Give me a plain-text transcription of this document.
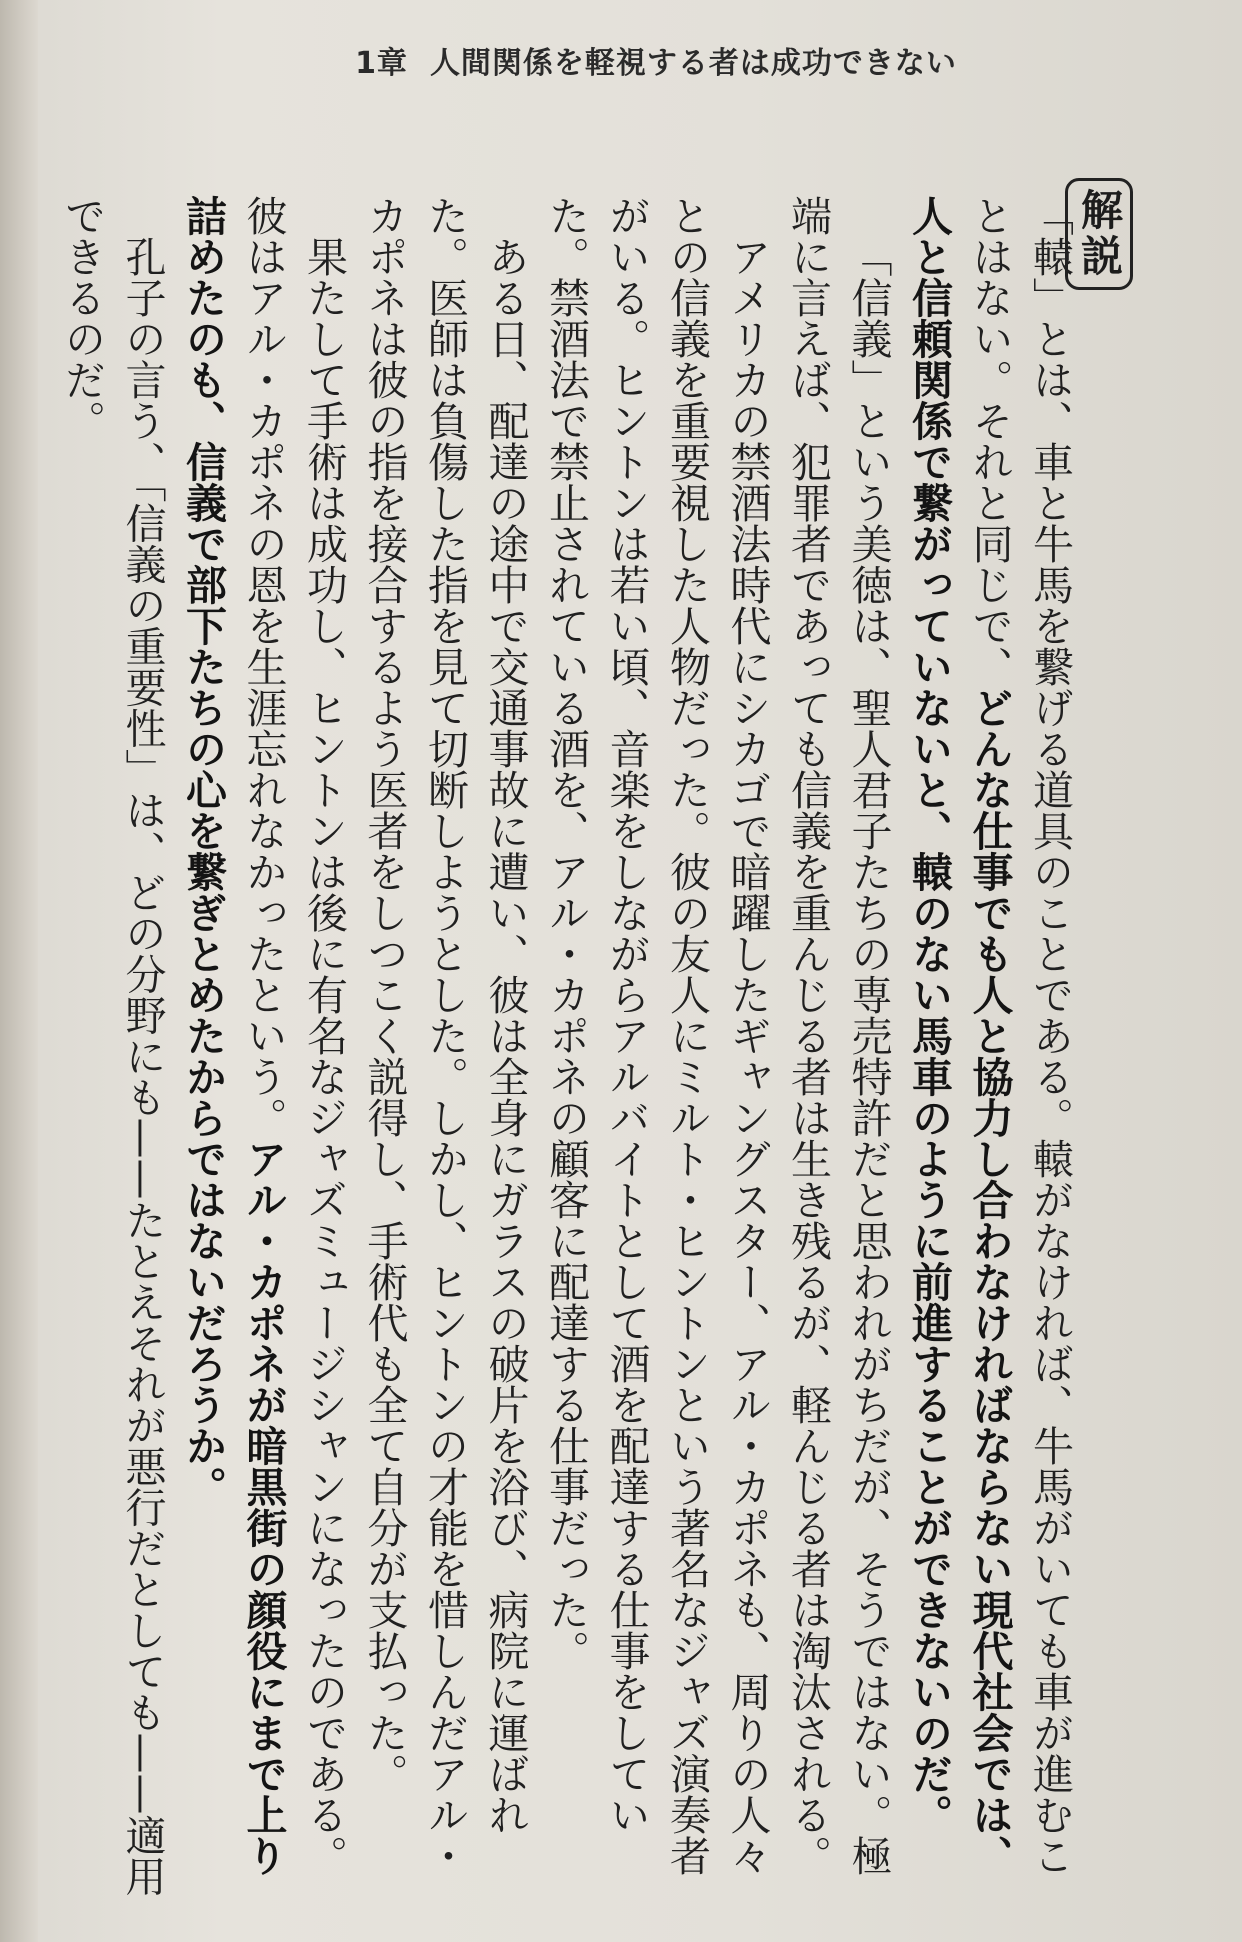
1章 人間関係を軽視する者は成功できない
解説

「轅」とは、車と牛馬を繋げる道具のことである。轅がなければ、牛馬がいても車が進むことはない。それと同じで、どんな仕事でも人と協力し合わなければならない現代社会では、人と信頼関係で繋がっていないと、轅のない馬車のように前進することができないのだ。

「信義」という美徳は、聖人君子たちの専売特許だと思われがちだが、そうではない。極端に言えば、犯罪者であっても信義を重んじる者は生き残るが、軽んじる者は淘汰される。

アメリカの禁酒法時代にシカゴで暗躍したギャングスター、アル・カポネも、周りの人々との信義を重要視した人物だった。彼の友人にミルト・ヒントンという著名なジャズ演奏者がいる。ヒントンは若い頃、音楽をしながらアルバイトとして酒を配達する仕事をしていた。禁酒法で禁止されている酒を、アル・カポネの顧客に配達する仕事だった。

ある日、配達の途中で交通事故に遭い、彼は全身にガラスの破片を浴び、病院に運ばれた。医師は負傷した指を見て切断しようとした。しかし、ヒントンの才能を惜しんだアル・カポネは彼の指を接合するよう医者をしつこく説得し、手術代も全て自分が支払った。

果たして手術は成功し、ヒントンは後に有名なジャズミュージシャンになったのである。彼はアル・カポネの恩を生涯忘れなかったという。アル・カポネが暗黒街の顔役にまで上り詰めたのも、信義で部下たちの心を繋ぎとめたからではないだろうか。

孔子の言う、「信義の重要性」は、どの分野にも——たとえそれが悪行だとしても——適用できるのだ。
